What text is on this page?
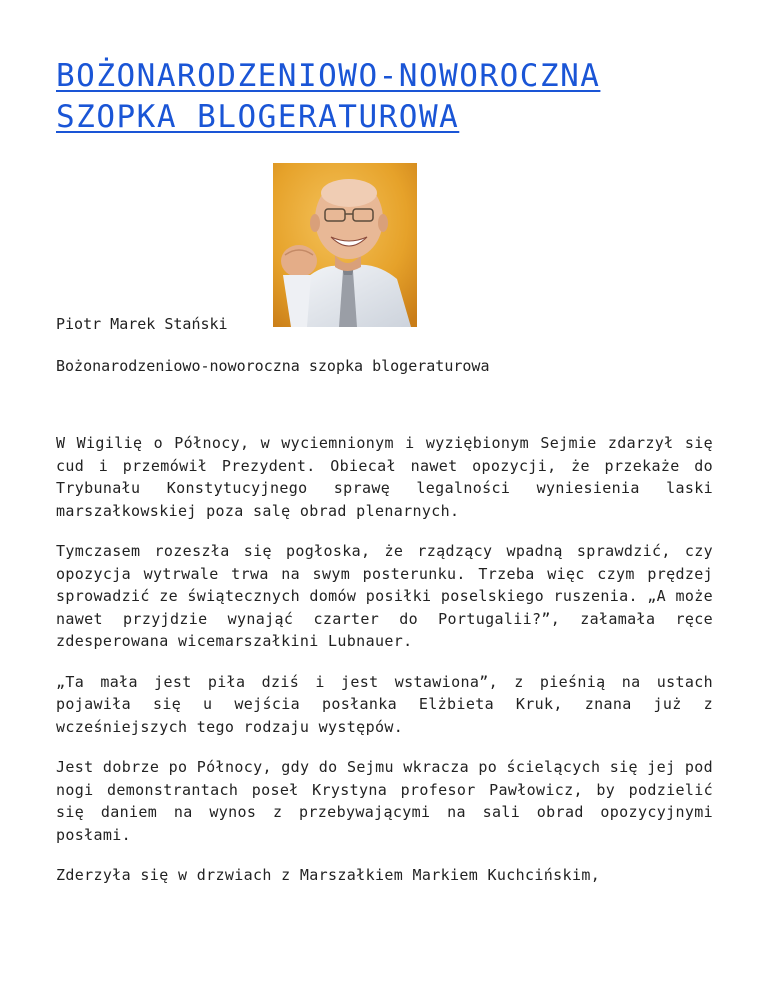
BOŻONARODZENIOWO-NOWOROCZNA
SZOPKA BLOGERATUROWA

Piotr Marek Stański

Bożonarodzeniowo-noworoczna szopka blogeraturowa

W Wigilię o Północy, w wyciemnionym i wyziębionym Sejmie zdarzył się cud i przemówił Prezydent. Obiecał nawet opozycji, że przekaże do Trybunału Konstytucyjnego sprawę legalności wyniesienia laski marszałkowskiej poza salę obrad plenarnych.

Tymczasem rozeszła się pogłoska, że rządzący wpadną sprawdzić, czy opozycja wytrwale trwa na swym posterunku. Trzeba więc czym prędzej sprowadzić ze świątecznych domów posiłki poselskiego ruszenia. „A może nawet przyjdzie wynająć czarter do Portugalii?”, załamała ręce zdesperowana wicemarszałkini Lubnauer.

„Ta mała jest piła dziś i jest wstawiona”, z pieśnią na ustach pojawiła się u wejścia posłanka Elżbieta Kruk, znana już z wcześniejszych tego rodzaju występów.

Jest dobrze po Północy, gdy do Sejmu wkracza po ścielących się jej pod nogi demonstrantach poseł Krystyna profesor Pawłowicz, by podzielić się daniem na wynos z przebywającymi na sali obrad opozycyjnymi posłami.

Zderzyła się w drzwiach z Marszałkiem Markiem Kuchcińskim,
